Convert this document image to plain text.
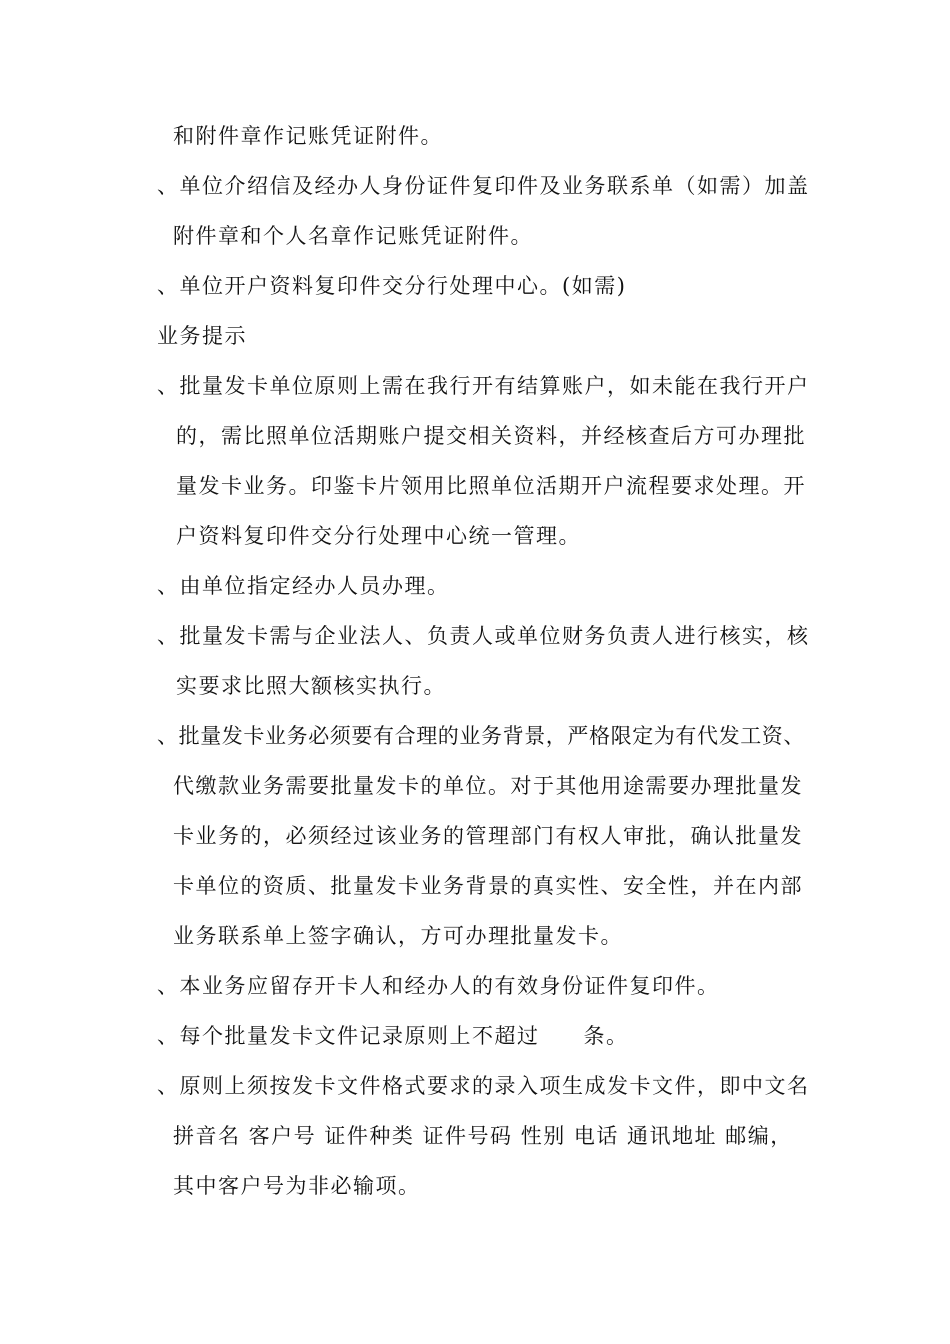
和附件章作记账凭证附件。
、单位介绍信及经办人身份证件复印件及业务联系单（如需）加盖
附件章和个人名章作记账凭证附件。
、单位开户资料复印件交分行处理中心。(如需)
业务提示
、批量发卡单位原则上需在我行开有结算账户，如未能在我行开户
的，需比照单位活期账户提交相关资料，并经核查后方可办理批
量发卡业务。印鉴卡片领用比照单位活期开户流程要求处理。开
户资料复印件交分行处理中心统一管理。
、由单位指定经办人员办理。
、批量发卡需与企业法人、负责人或单位财务负责人进行核实，核
实要求比照大额核实执行。
、批量发卡业务必须要有合理的业务背景，严格限定为有代发工资、
代缴款业务需要批量发卡的单位。对于其他用途需要办理批量发
卡业务的，必须经过该业务的管理部门有权人审批，确认批量发
卡单位的资质、批量发卡业务背景的真实性、安全性，并在内部
业务联系单上签字确认，方可办理批量发卡。
、本业务应留存开卡人和经办人的有效身份证件复印件。
、每个批量发卡文件记录原则上不超过 条。
、原则上须按发卡文件格式要求的录入项生成发卡文件，即中文名
拼音名 客户号 证件种类 证件号码 性别 电话 通讯地址 邮编，
其中客户号为非必输项。
